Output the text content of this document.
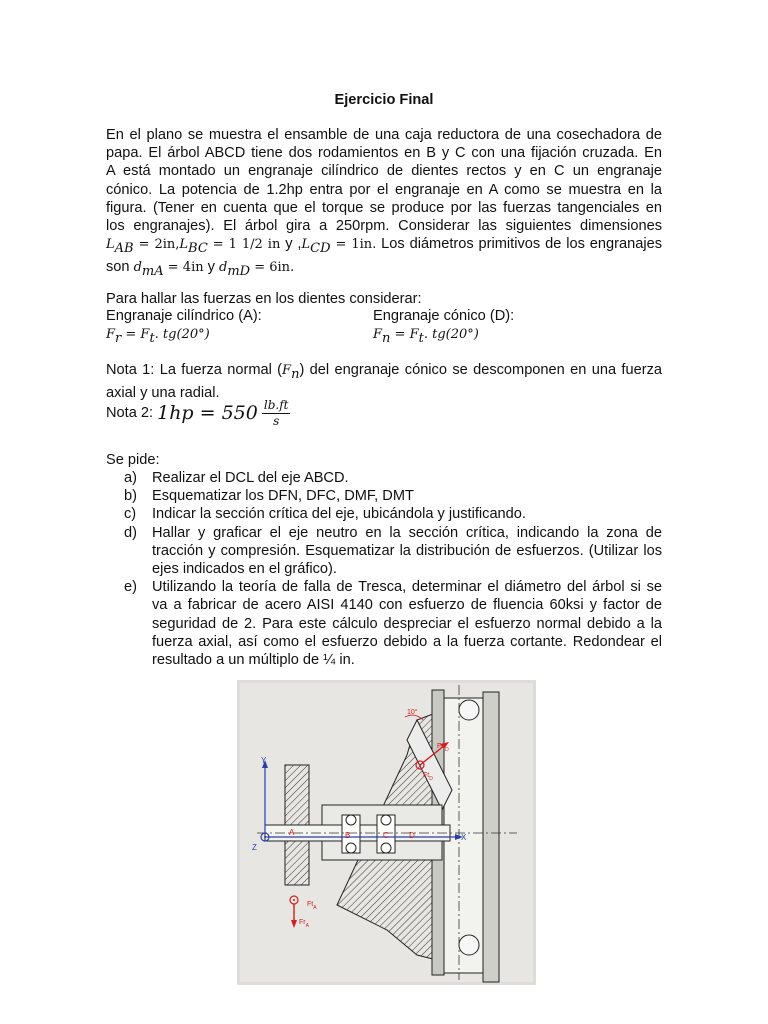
Ejercicio Final
En el plano se muestra el ensamble de una caja reductora de una cosechadora de
papa. El árbol ABCD tiene dos rodamientos en B y C con una fijación cruzada. En
A está montado un engranaje cilíndrico de dientes rectos y en C un engranaje
cónico. La potencia de 1.2hp entra por el engranaje en A como se muestra en la
figura. (Tener en cuenta que el torque se produce por las fuerzas tangenciales en
los engranajes). El árbol gira a 250rpm. Considerar las siguientes dimensiones
$L_{AB} = 2in,L_{BC} = 1$ 1/2 in y $,L_{CD} = 1in$. Los diámetros primitivos de los engranajes
son $d_{mA} = 4in$ y $d_{mD} = 6in$.
Para hallar las fuerzas en los dientes considerar:
Engranaje cilíndrico (A):	Engranaje cónico (D):
$F_r = F_t$. tg(20°)	$F_n = F_t$. tg(20°)
Nota 1: La fuerza normal $(F_n)$ del engranaje cónico se descomponen en una fuerza
axial y una radial.
Nota 2: $1hp = 550 \frac{lb.ft}{s}$
Se pide:
a) Realizar el DCL del eje ABCD.
b) Esquematizar los DFN, DFC, DMF, DMT
c) Indicar la sección crítica del eje, ubicándola y justificando.
d) Hallar y graficar el eje neutro en la sección crítica, indicando la zona de
tracción y compresión. Esquematizar la distribución de esfuerzos. (Utilizar los
ejes indicados en el gráfico).
e) Utilizando la teoría de falla de Tresca, determinar el diámetro del árbol si se
va a fabricar de acero AISI 4140 con esfuerzo de fluencia 60ksi y factor de
seguridad de 2. Para este cálculo despreciar el esfuerzo normal debido a la
fuerza axial, así como el esfuerzo debido a la fuerza cortante. Redondear el
resultado a un múltiplo de ¼ in.
Y
X
Z
A	B	C	D
10°
$Fn_D$
$Ft_D$
$Ft_A$
$Fr_A$
